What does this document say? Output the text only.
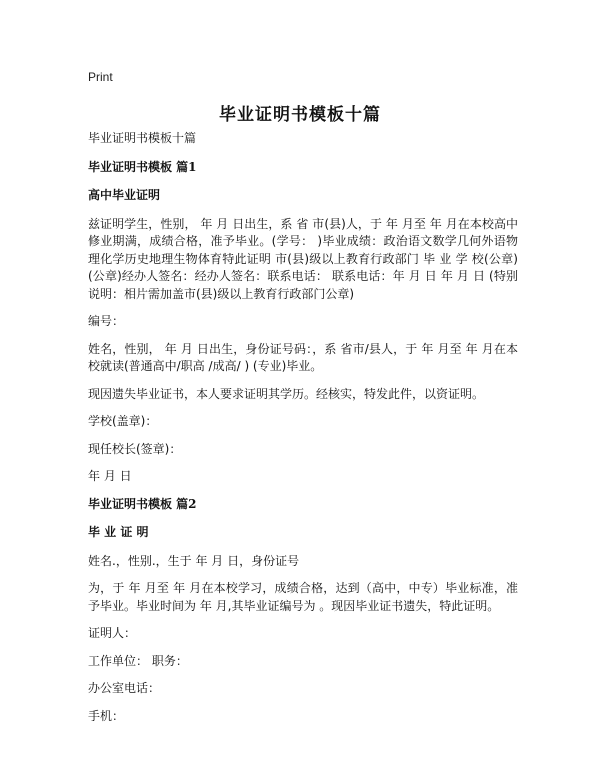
Print
毕业证明书模板十篇
毕业证明书模板十篇
毕业证明书模板 篇1
高中毕业证明
兹证明学生，性别， 年 月 日出生，系 省 市(县)人，于 年 月至 年 月在本校高中修业期满，成绩合格，准予毕业。(学号： )毕业成绩：政治语文数学几何外语物理化学历史地理生物体育特此证明 市(县)级以上教育行政部门 毕 业 学 校(公章) (公章)经办人签名：经办人签名：联系电话： 联系电话：年 月 日 年 月 日 (特别说明：相片需加盖市(县)级以上教育行政部门公章)
编号：
姓名，性别， 年 月 日出生，身份证号码：，系 省市/县人，于 年 月至 年 月在本校就读(普通高中/职高 /成高/ ) (专业)毕业。
现因遗失毕业证书，本人要求证明其学历。经核实，特发此件，以资证明。
学校(盖章)：
现任校长(签章)：
年 月 日
毕业证明书模板 篇2
毕 业 证 明
姓名.，性别.，生于 年 月 日，身份证号
为，于 年 月至 年 月在本校学习，成绩合格，达到（高中，中专）毕业标准，准予毕业。毕业时间为 年 月,其毕业证编号为 。现因毕业证书遗失，特此证明。
证明人：
工作单位： 职务：
办公室电话：
手机：
